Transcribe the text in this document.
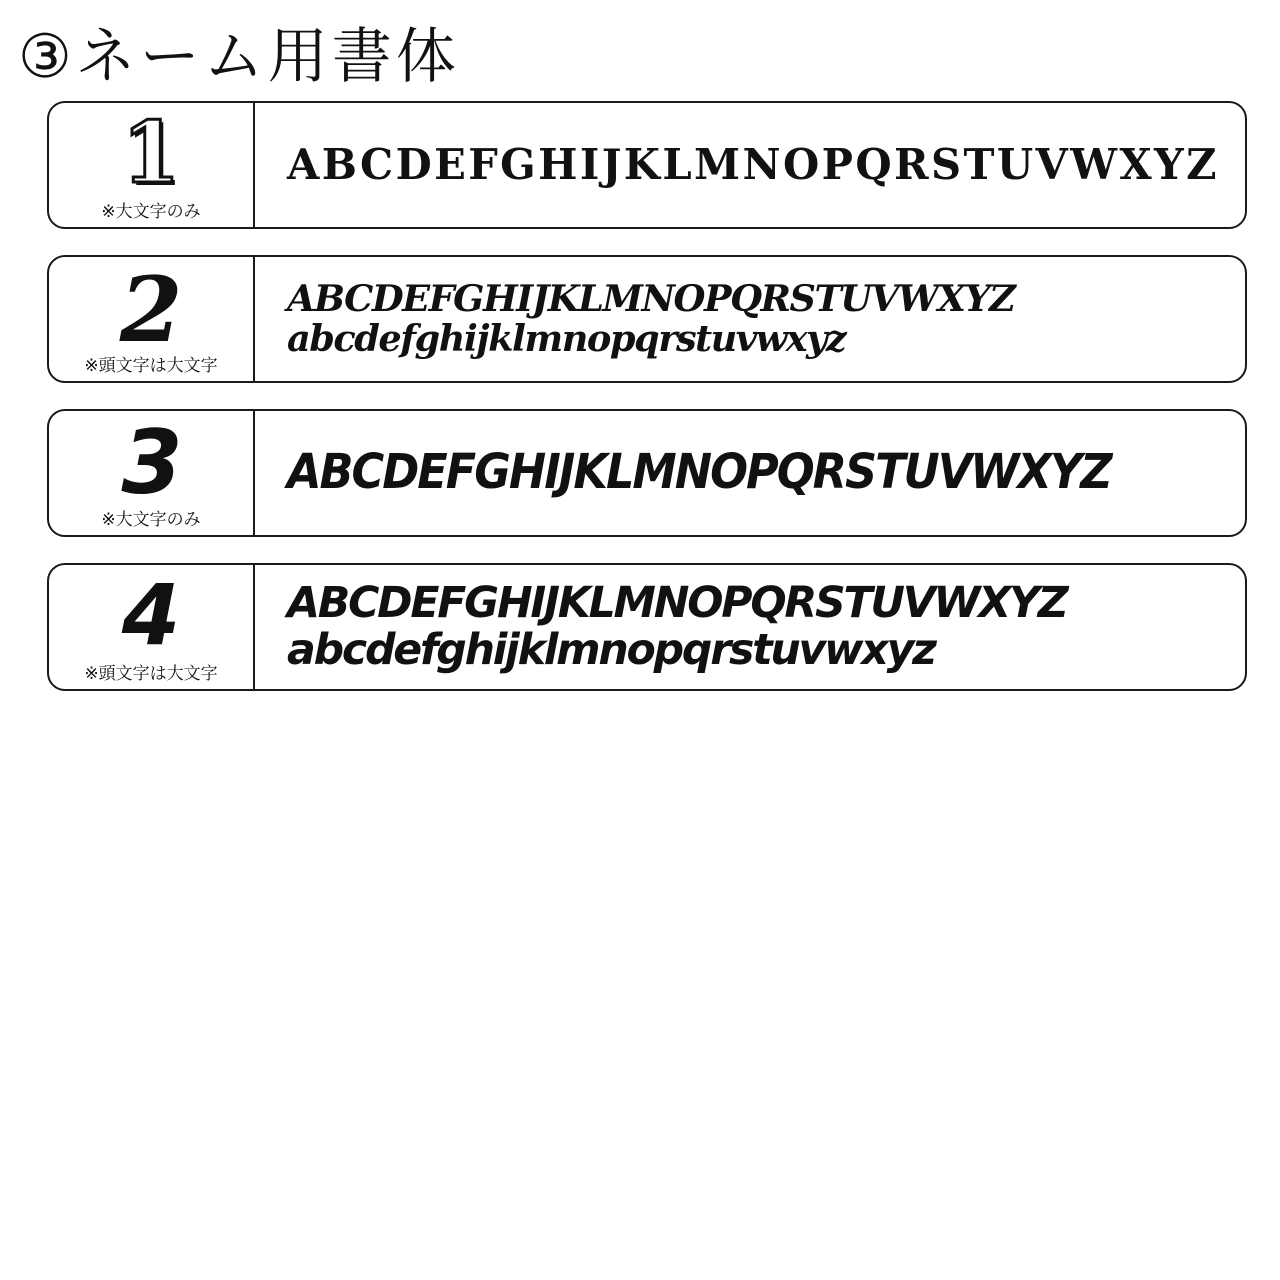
③ネーム用書体
1
※大文字のみ
ABCDEFGHIJKLMNOPQRSTUVWXYZ
2
※頭文字は大文字
ABCDEFGHIJKLMNOPQRSTUVWXYZ
abcdefghijklmnopqrstuvwxyz
3
※大文字のみ
ABCDEFGHIJKLMNOPQRSTUVWXYZ
4
※頭文字は大文字
ABCDEFGHIJKLMNOPQRSTUVWXYZ
abcdefghijklmnopqrstuvwxyz
